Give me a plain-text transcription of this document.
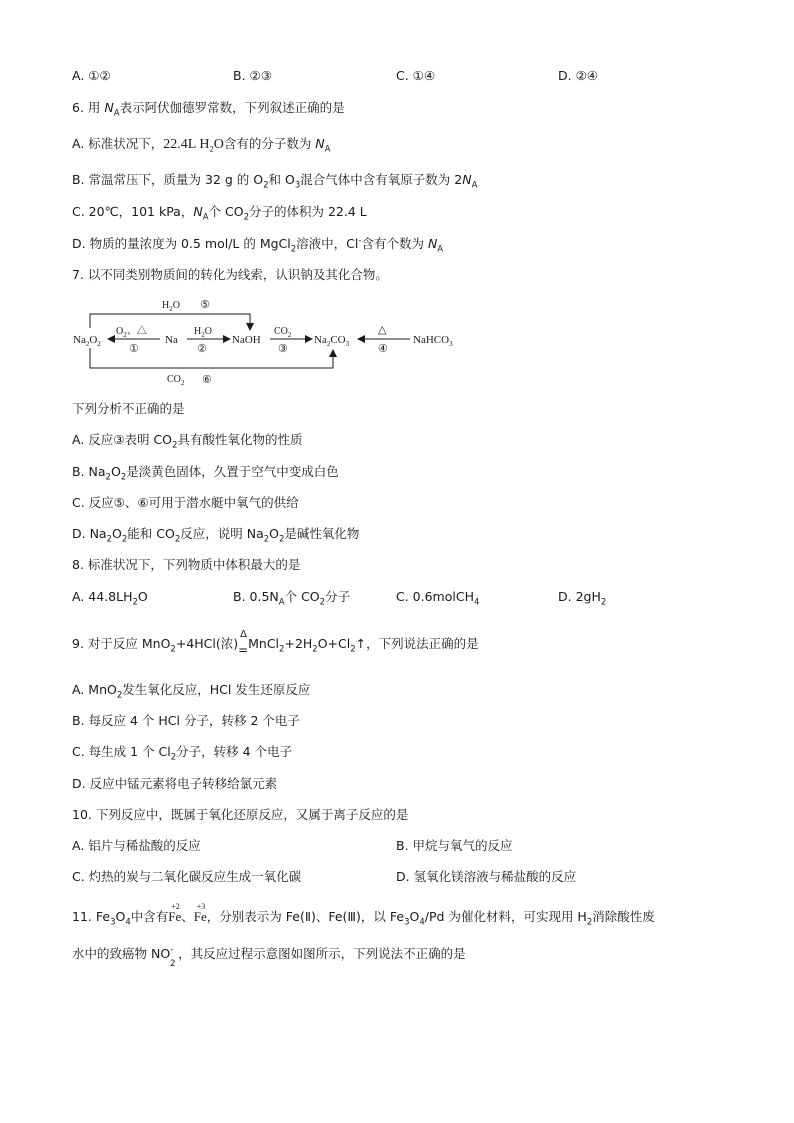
A. ①②	B. ②③	C. ①④	D. ②④
6. 用 $N_A$表示阿伏伽德罗常数，下列叙述正确的是
A. 标准状况下，22.4L $H_2O$含有的分子数为 $N_A$
B. 常温常压下，质量为 32 g 的 $O_2$和 $O_3$混合气体中含有氧原子数为 $2N_A$
C. 20℃，101 kPa，$N_A$个 $CO_2$分子的体积为 22.4 L
D. 物质的量浓度为 0.5 mol/L 的 MgCl$_2$溶液中，Cl-含有个数为 $N_A$
7. 以不同类别物质间的转化为线索，认识钠及其化合物。
$Na_2O_2$	Na	NaOH	$Na_2CO_3$	NaHCO$_3$
$O_2$、△
①
$H_2O$
②
$CO_2$
③
△
④
$H_2O$ ⑤
$CO_2$ ⑥
下列分析不正确的是
A. 反应③表明 $CO_2$具有酸性氧化物的性质
B. $Na_2O_2$是淡黄色固体，久置于空气中变成白色
C. 反应⑤、⑥可用于潜水艇中氧气的供给
D. $Na_2O_2$能和 $CO_2$反应，说明 $Na_2O_2$是碱性氧化物
8. 标准状况下，下列物质中体积最大的是
A. $44.8LH_2O$	B. $0.5N_A$个 $CO_2$分子	C. 0.6molCH$_4$	D. $2gH_2$
9. 对于反应 MnO$_2$+4HCl(浓)
Δ
= $MnCl_2+2H_2O+Cl_2↑$，下列说法正确的是
A. MnO$_2$发生氧化反应，HCl 发生还原反应
B. 每反应 4 个 HCl 分子，转移 2 个电子
C. 每生成 1 个 $Cl_2$分子，转移 4 个电子
D. 反应中锰元素将电子转移给氯元素
10. 下列反应中，既属于氧化还原反应，又属于离子反应的是
A. 铝片与稀盐酸的反应	B. 甲烷与氧气的反应
C. 灼热的炭与二氧化碳反应生成一氧化碳	D. 氢氧化镁溶液与稀盐酸的反应
11. $Fe_3O_4$中含有
+2
Fe、
+3
Fe，分别表示为 Fe(Ⅱ)、Fe(Ⅲ)，以 $Fe_3O_4/Pd$ 为催化材料，可实现用 $H_2$消除酸性废
水中的致癌物 NO -
2
，其反应过程示意图如图所示，下列说法不正确的是
